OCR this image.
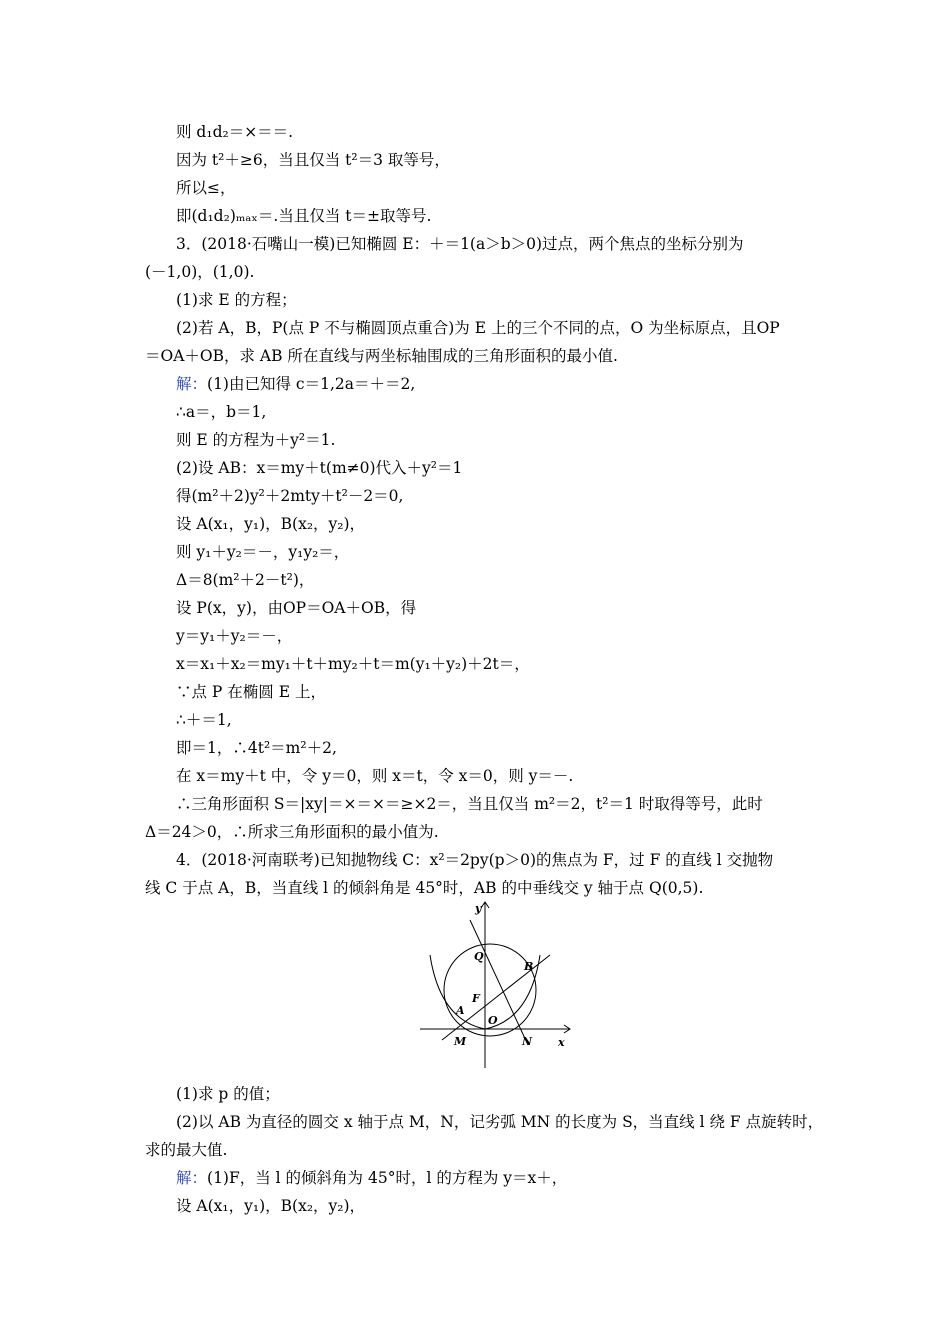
则 d₁d₂＝×＝＝.
因为 t²＋≥6，当且仅当 t²＝3 取等号，
所以≤，
即(d₁d₂)ₘₐₓ＝.当且仅当 t＝±取等号.
3．(2018·石嘴山一模)已知椭圆 E：＋＝1(a＞b＞0)过点，两个焦点的坐标分别为
(－1,0)，(1,0).
(1)求 E 的方程；
(2)若 A，B，P(点 P 不与椭圆顶点重合)为 E 上的三个不同的点，O 为坐标原点，且OP
＝OA＋OB，求 AB 所在直线与两坐标轴围成的三角形面积的最小值.
解：(1)由已知得 c＝1,2a＝＋＝2,
∴a＝，b＝1,
则 E 的方程为＋y²＝1.
(2)设 AB：x＝my＋t(m≠0)代入＋y²＝1
得(m²＋2)y²＋2mty＋t²－2＝0,
设 A(x₁，y₁)，B(x₂，y₂)，
则 y₁＋y₂＝－，y₁y₂＝，
Δ＝8(m²＋2－t²)，
设 P(x，y)，由OP＝OA＋OB，得
y＝y₁＋y₂＝－，
x＝x₁＋x₂＝my₁＋t＋my₂＋t＝m(y₁＋y₂)＋2t＝，
∵点 P 在椭圆 E 上，
∴＋＝1,
即＝1，∴4t²＝m²＋2,
在 x＝my＋t 中，令 y＝0，则 x＝t，令 x＝0，则 y＝－.
∴三角形面积 S＝|xy|＝×＝×＝≥×2＝，当且仅当 m²＝2，t²＝1 时取得等号，此时
Δ＝24＞0，∴所求三角形面积的最小值为.
4．(2018·河南联考)已知抛物线 C：x²＝2py(p＞0)的焦点为 F，过 F 的直线 l 交抛物
线 C 于点 A，B，当直线 l 的倾斜角是 45°时，AB 的中垂线交 y 轴于点 Q(0,5).
y
x
Q
B
F
A
O
M	N
(1)求 p 的值；
(2)以 AB 为直径的圆交 x 轴于点 M，N，记劣弧 MN 的长度为 S，当直线 l 绕 F 点旋转时，
求的最大值.
解：(1)F，当 l 的倾斜角为 45°时，l 的方程为 y＝x＋，
设 A(x₁，y₁)，B(x₂，y₂)，
